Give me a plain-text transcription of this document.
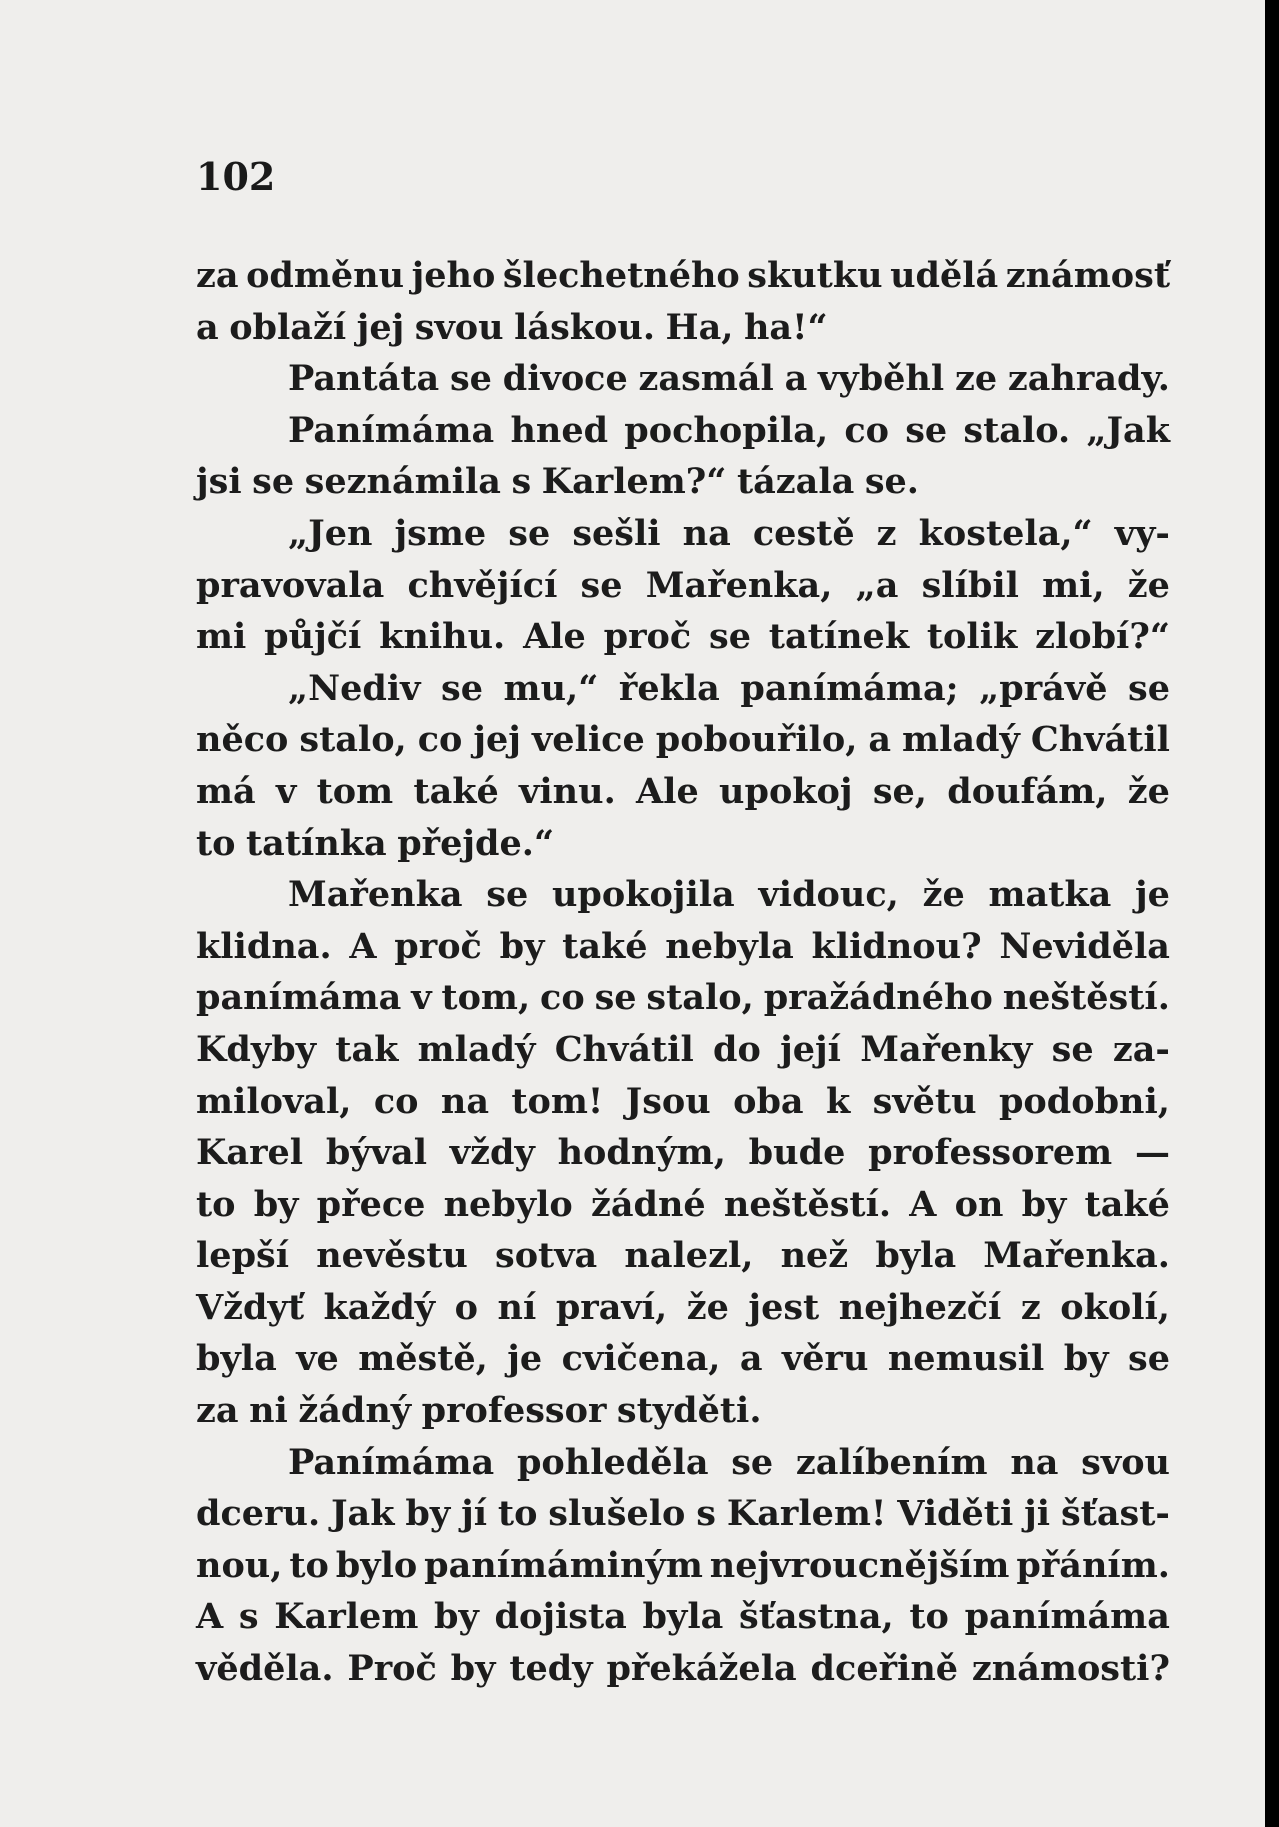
102
za odměnu jeho šlechetného skutku udělá známosť
a oblaží jej svou láskou. Ha, ha!“
Pantáta se divoce zasmál a vyběhl ze zahrady.
Panímáma hned pochopila, co se stalo. „Jak
jsi se seznámila s Karlem?“ tázala se.
„Jen jsme se sešli na cestě z kostela,“ vy-
pravovala chvějící se Mařenka, „a slíbil mi, že
mi půjčí knihu. Ale proč se tatínek tolik zlobí?“
„Nediv se mu,“ řekla panímáma; „právě se
něco stalo, co jej velice pobouřilo, a mladý Chvátil
má v tom také vinu. Ale upokoj se, doufám, že
to tatínka přejde.“
Mařenka se upokojila vidouc, že matka je
klidna. A proč by také nebyla klidnou? Neviděla
panímáma v tom, co se stalo, pražádného neštěstí.
Kdyby tak mladý Chvátil do její Mařenky se za-
miloval, co na tom! Jsou oba k světu podobni,
Karel býval vždy hodným, bude professorem —
to by přece nebylo žádné neštěstí. A on by také
lepší nevěstu sotva nalezl, než byla Mařenka.
Vždyť každý o ní praví, že jest nejhezčí z okolí,
byla ve městě, je cvičena, a věru nemusil by se
za ni žádný professor styděti.
Panímáma pohleděla se zalíbením na svou
dceru. Jak by jí to slušelo s Karlem! Viděti ji šťast-
nou, to bylo panímáminým nejvroucnějším přáním.
A s Karlem by dojista byla šťastna, to panímáma
věděla. Proč by tedy překážela dceřině známosti?
